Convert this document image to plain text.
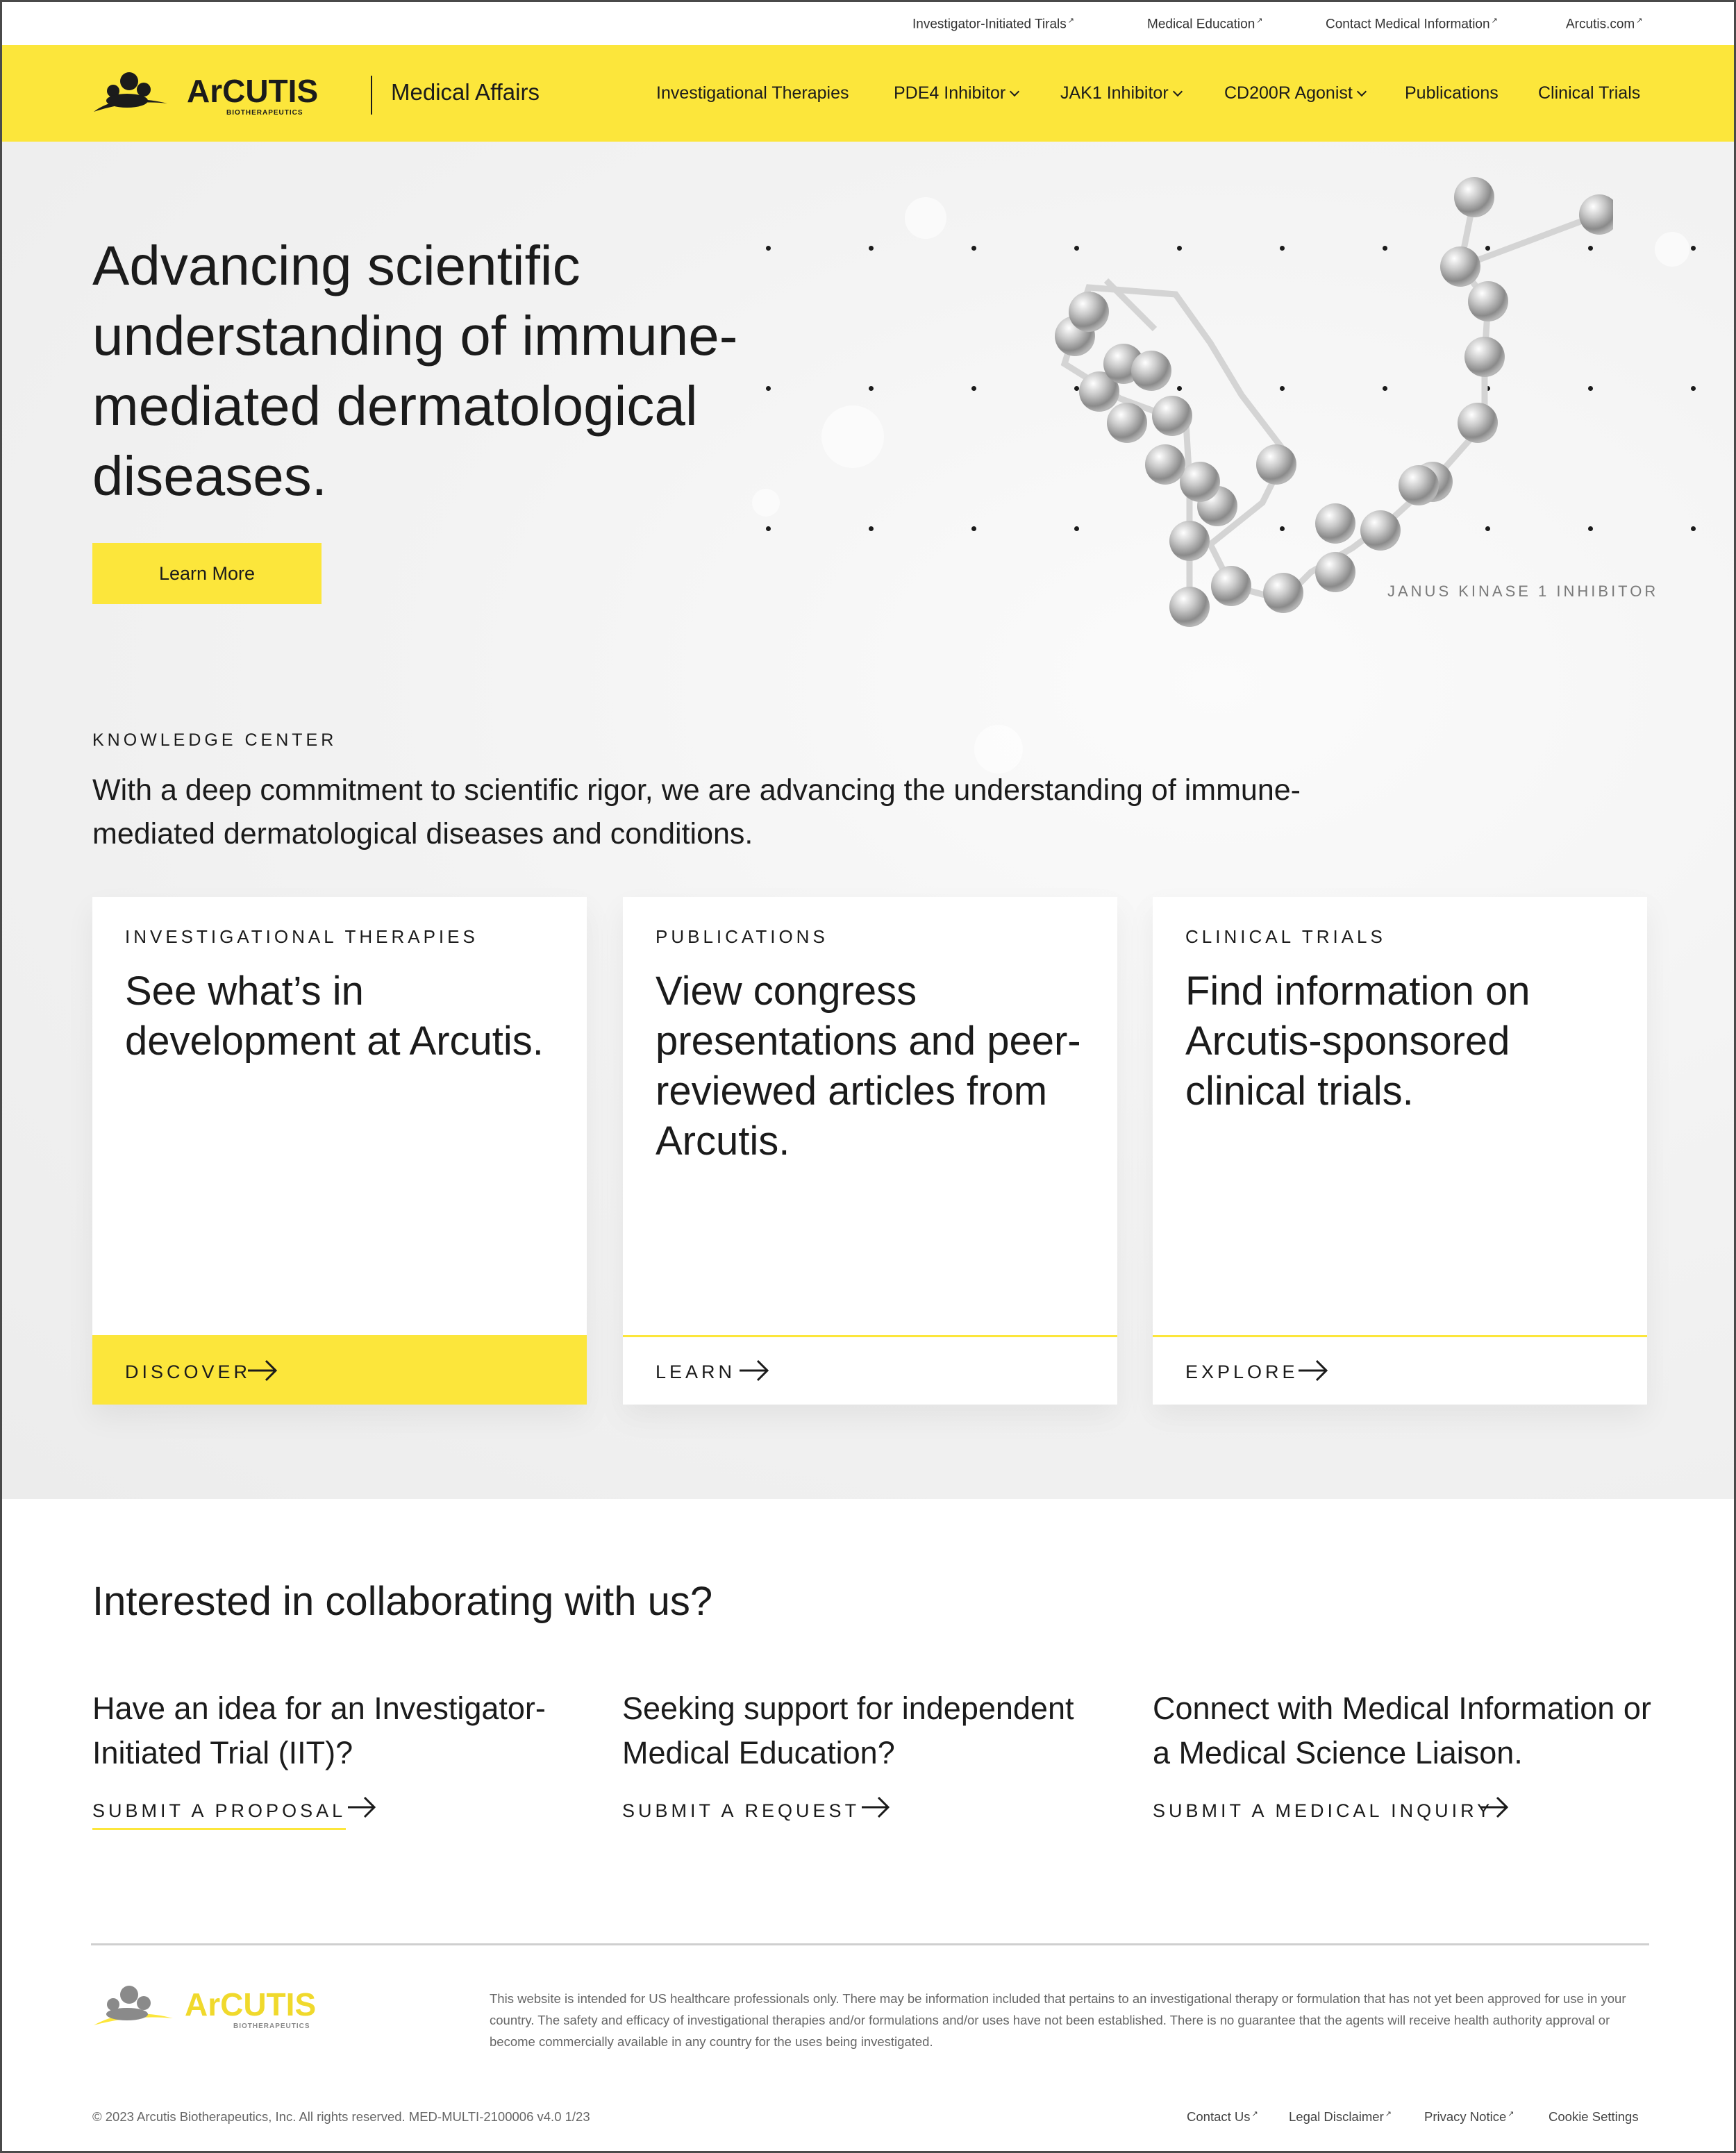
Investigator-Initiated Tirals ↗	Medical Education ↗	Contact Medical Information ↗	Arcutis.com ↗
ArCUTIS
BIOTHERAPEUTICS
Medical Affairs	Investigational Therapies	PDE4 Inhibitor	JAK1 Inhibitor	CD200R Agonist	Publications Clinical Trials
Advancing scientific understanding of immune-mediated dermatological diseases.
Learn More
JANUS KINASE 1 INHIBITOR
KNOWLEDGE CENTER
With a deep commitment to scientific rigor, we are advancing the understanding of immune-mediated dermatological diseases and conditions.
INVESTIGATIONAL THERAPIES
See what’s in development at Arcutis.
DISCOVER
PUBLICATIONS
View congress presentations and peer-reviewed articles from Arcutis.
LEARN
CLINICAL TRIALS
Find information on Arcutis-sponsored clinical trials.
EXPLORE
Interested in collaborating with us?
Have an idea for an Investigator-Initiated Trial (IIT)?
SUBMIT A PROPOSAL
Seeking support for independent Medical Education?
SUBMIT A REQUEST
Connect with Medical Information or a Medical Science Liaison.
SUBMIT A MEDICAL INQUIRY
ArCUTIS
BIOTHERAPEUTICS
This website is intended for US healthcare professionals only. There may be information included that pertains to an investigational therapy or formulation that has not yet been approved for use in your country. The safety and efficacy of investigational therapies and/or formulations and/or uses have not been established. There is no guarantee that the agents will receive health authority approval or become commercially available in any country for the uses being investigated.
© 2023 Arcutis Biotherapeutics, Inc. All rights reserved. MED-MULTI-2100006 v4.0 1/23	Contact Us ↗ Legal Disclaimer ↗	Privacy Notice ↗	Cookie Settings
